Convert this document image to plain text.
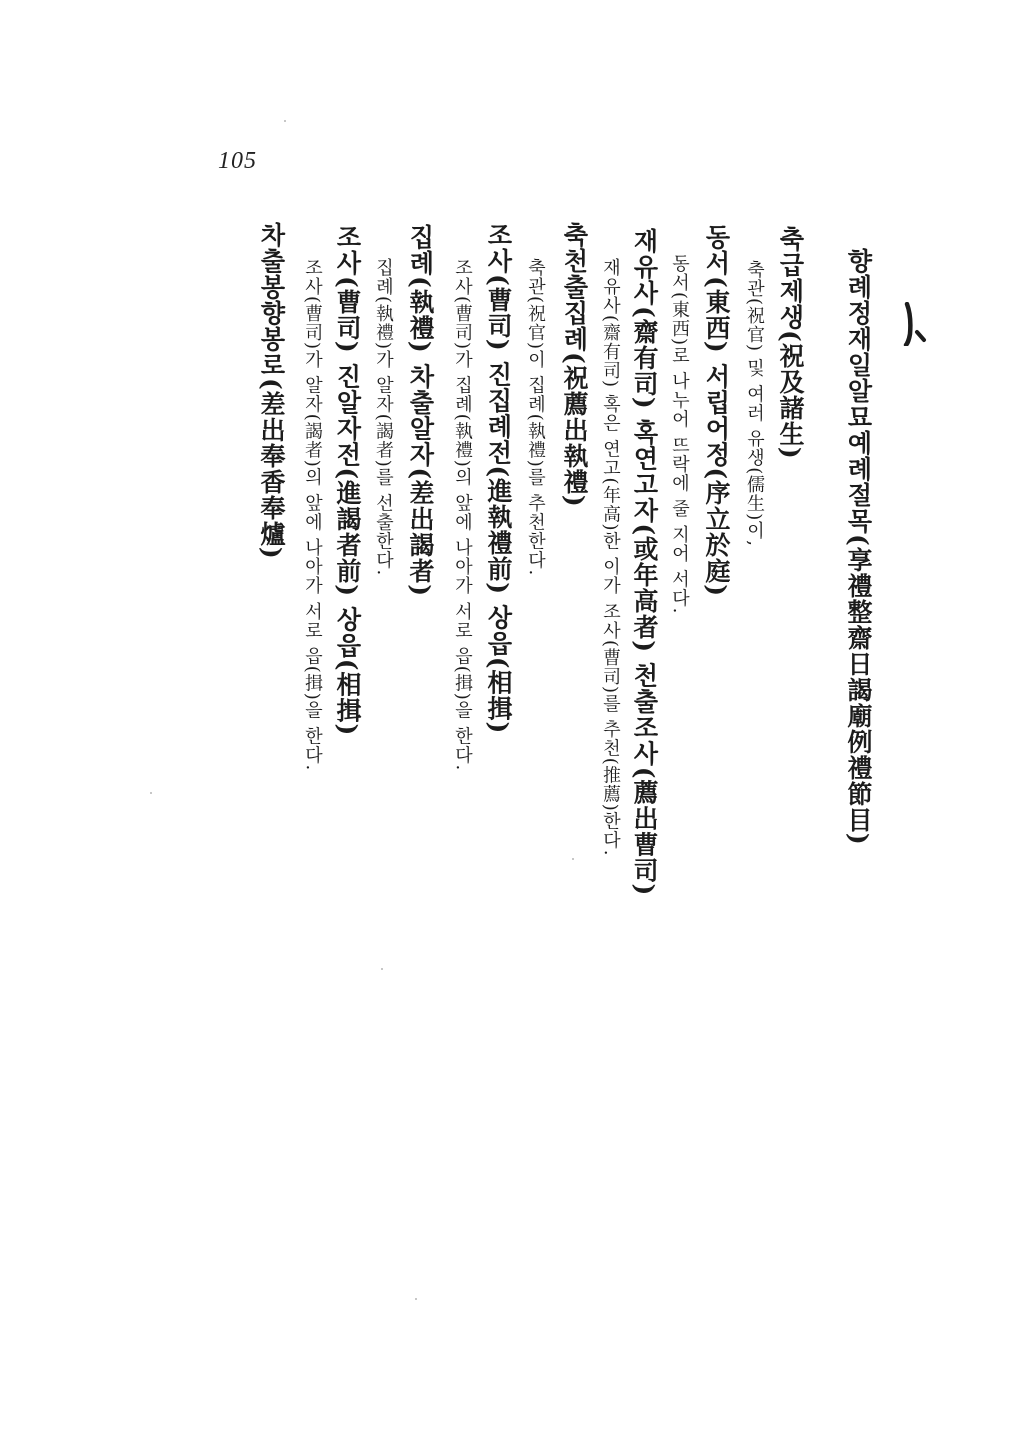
105
향례정재일알묘예례절목(享禮整齋日謁廟例禮節目)
축급제생(祝及諸生)
축관(祝官) 및 여러 유생(儒生)이,
동서(東西) 서립어정(序立於庭)
동서(東西)로 나누어 뜨락에 줄 지어 서다.
재유사(齋有司) 혹연고자(或年高者) 천출조사(薦出曹司)
재유사(齋有司) 혹은 연고(年高)한 이가 조사(曹司)를 추천(推薦)한다.
축천출집례(祝薦出執禮)
축관(祝官)이 집례(執禮)를 추천한다.
조사(曹司) 진집례전(進執禮前) 상읍(相揖)
조사(曹司)가 집례(執禮)의 앞에 나아가 서로 읍(揖)을 한다.
집례(執禮) 차출알자(差出謁者)
집례(執禮)가 알자(謁者)를 선출한다.
조사(曹司) 진알자전(進謁者前) 상읍(相揖)
조사(曹司)가 알자(謁者)의 앞에 나아가 서로 읍(揖)을 한다.
차출봉향봉로(差出奉香奉爐)
